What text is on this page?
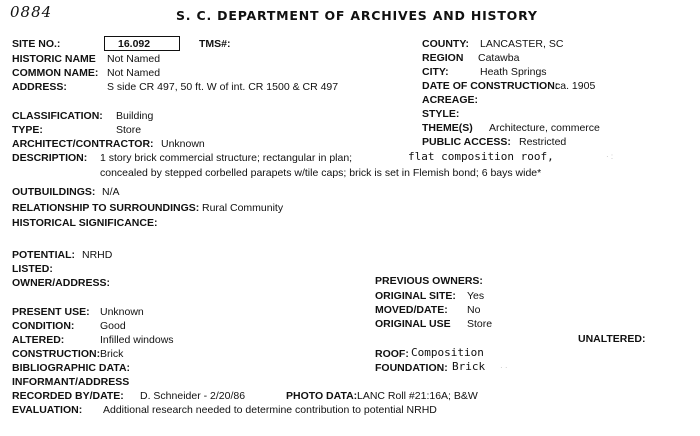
0884	S. C. DEPARTMENT OF ARCHIVES AND HISTORY
SITE NO.:	16.092	TMS#:	COUNTY: LANCASTER, SC
HISTORIC NAME Not Named	REGION Catawba
COMMON NAME: Not Named	CITY:	Heath Springs
ADDRESS:	S side CR 497, 50 ft. W of int. CR 1500 & CR 497	DATE OF CONSTRUCTION:
ca. 1905
ACREAGE:
CLASSIFICATION: Building	STYLE:
TYPE:	Store	THEME(S) Architecture, commerce
ARCHITECT/CONTRACTOR: Unknown	PUBLIC ACCESS: Restricted
DESCRIPTION: 1 story brick commercial structure; rectangular in plan;	flat composition roof,	· :
concealed by stepped corbelled parapets w/tile caps; brick is set in Flemish bond; 6 bays wide*
OUTBUILDINGS: N/A
RELATIONSHIP TO SURROUNDINGS: Rural Community
HISTORICAL SIGNIFICANCE:
POTENTIAL: NRHD
LISTED:
OWNER/ADDRESS:	PREVIOUS OWNERS:
ORIGINAL SITE: Yes
PRESENT USE: Unknown	MOVED/DATE: No
CONDITION: Good	ORIGINAL USE Store
ALTERED:	Infilled windows	UNALTERED:
CONSTRUCTION: Brick	ROOF: Composition
BIBLIOGRAPHIC DATA:	FOUNDATION: Brick · ·
INFORMANT/ADDRESS
RECORDED BY/DATE: D. Schneider - 2/20/86	PHOTO DATA: LANC Roll #21:16A; B&W
EVALUATION: Additional research needed to determine contribution to potential NRHD
